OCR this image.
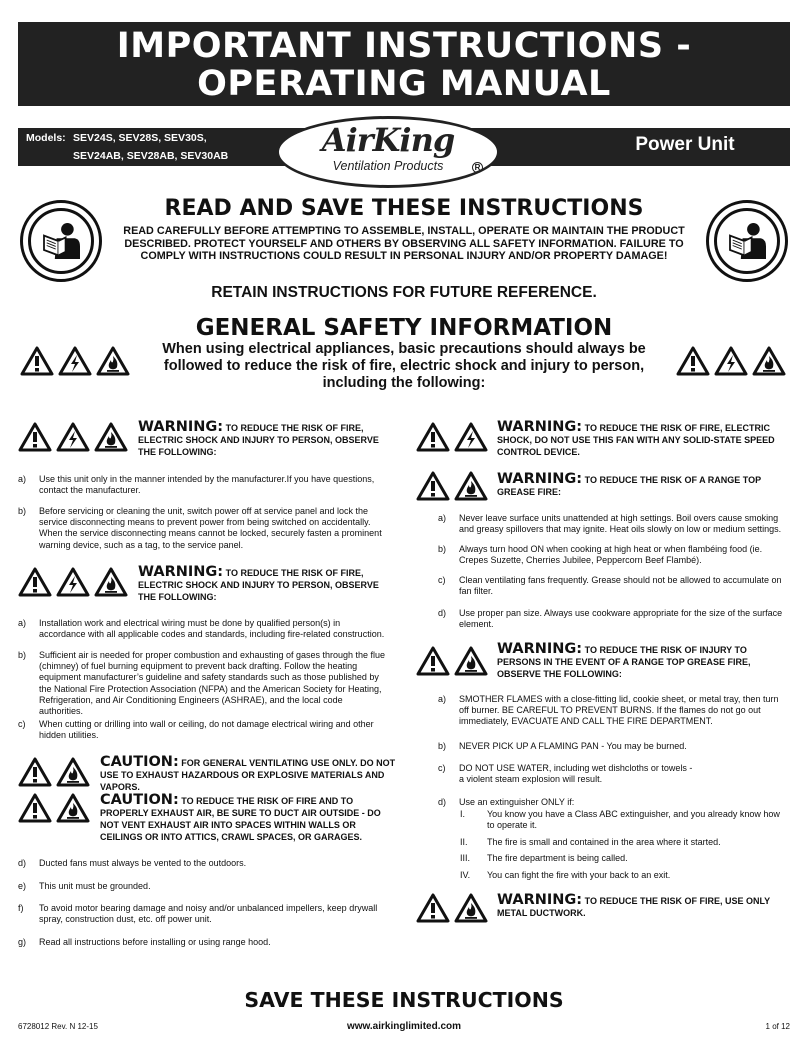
IMPORTANT INSTRUCTIONS -
OPERATING MANUAL
Models: SEV24S, SEV28S, SEV30S,
SEV24AB, SEV28AB, SEV30AB	AirKing
Ventilation Products	R
Power Unit
READ AND SAVE THESE INSTRUCTIONS
READ CAREFULLY BEFORE ATTEMPTING TO ASSEMBLE, INSTALL, OPERATE OR MAINTAIN THE PRODUCT DESCRIBED. PROTECT YOURSELF AND OTHERS BY OBSERVING ALL SAFETY INFORMATION. FAILURE TO COMPLY WITH INSTRUCTIONS COULD RESULT IN PERSONAL INJURY AND/OR PROPERTY DAMAGE!
RETAIN INSTRUCTIONS FOR FUTURE REFERENCE.
GENERAL SAFETY INFORMATION
When using electrical appliances, basic precautions should always be followed to reduce the risk of fire, electric shock and injury to person, including the following:
WARNING: TO REDUCE THE RISK OF FIRE, ELECTRIC SHOCK AND INJURY TO PERSON, OBSERVE THE FOLLOWING:
a) Use this unit only in the manner intended by the manufacturer.If you have questions, contact the manufacturer.
b) Before servicing or cleaning the unit, switch power off at service panel and lock the service disconnecting means to prevent power from being switched on accidentally. When the service disconnecting means cannot be locked, securely fasten a prominent warning device, such as a tag, to the service panel.
WARNING: TO REDUCE THE RISK OF FIRE, ELECTRIC SHOCK AND INJURY TO PERSON, OBSERVE THE FOLLOWING:
a) Installation work and electrical wiring must be done by qualified person(s) in accordance with all applicable codes and standards, including fire-related construction.
b) Sufficient air is needed for proper combustion and exhausting of gases through the flue (chimney) of fuel burning equipment to prevent back drafting. Follow the heating equipment manufacturer’s guideline and safety standards such as those published by the National Fire Protection Association (NFPA) and the American Society for Heating, Refrigeration, and Air Conditioning Engineers (ASHRAE), and the local code authorities.
c) When cutting or drilling into wall or ceiling, do not damage electrical wiring and other hidden utilities.
CAUTION: FOR GENERAL VENTILATING USE ONLY. DO NOT USE TO EXHAUST HAZARDOUS OR EXPLOSIVE MATERIALS AND VAPORS.
CAUTION: TO REDUCE THE RISK OF FIRE AND TO PROPERLY EXHAUST AIR, BE SURE TO DUCT AIR OUTSIDE - DO NOT VENT EXHAUST AIR INTO SPACES WITHIN WALLS OR CEILINGS OR INTO ATTICS, CRAWL SPACES, OR GARAGES.
d) Ducted fans must always be vented to the outdoors.
e) This unit must be grounded.
f) To avoid motor bearing damage and noisy and/or unbalanced impellers, keep drywall spray, construction dust, etc. off power unit.
g) Read all instructions before installing or using range hood.
WARNING: TO REDUCE THE RISK OF FIRE, ELECTRIC SHOCK, DO NOT USE THIS FAN WITH ANY SOLID-STATE SPEED CONTROL DEVICE.
WARNING: TO REDUCE THE RISK OF A RANGE TOP GREASE FIRE:
a) Never leave surface units unattended at high settings. Boil overs cause smoking and greasy spillovers that may ignite. Heat oils slowly on low or medium settings.
b) Always turn hood ON when cooking at high heat or when flambéing food (ie. Crepes Suzette, Cherries Jubilee, Peppercorn Beef Flambé).
c) Clean ventilating fans frequently. Grease should not be allowed to accumulate on fan filter.
d) Use proper pan size. Always use cookware appropriate for the size of the surface element.
WARNING: TO REDUCE THE RISK OF INJURY TO PERSONS IN THE EVENT OF A RANGE TOP GREASE FIRE, OBSERVE THE FOLLOWING:
a) SMOTHER FLAMES with a close-fitting lid, cookie sheet, or metal tray, then turn off burner. BE CAREFUL TO PREVENT BURNS. If the flames do not go out immediately, EVACUATE AND CALL THE FIRE DEPARTMENT.
b) NEVER PICK UP A FLAMING PAN - You may be burned.
c) DO NOT USE WATER, including wet dishcloths or towels - a violent steam explosion will result.
d) Use an extinguisher ONLY if:
I. You know you have a Class ABC extinguisher, and you already know how to operate it.
II. The fire is small and contained in the area where it started.
III. The fire department is being called.
IV. You can fight the fire with your back to an exit.
WARNING: TO REDUCE THE RISK OF FIRE, USE ONLY METAL DUCTWORK.
SAVE THESE INSTRUCTIONS
6728012 Rev. N 12-15	www.airkinglimited.com	1 of 12
